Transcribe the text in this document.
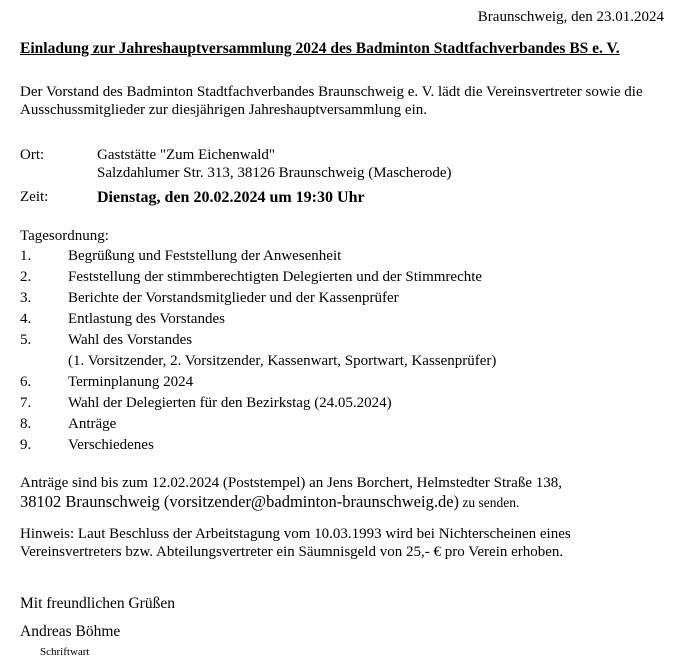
Braunschweig, den 23.01.2024
Einladung zur Jahreshauptversammlung 2024 des Badminton Stadtfachverbandes BS e. V.
Der Vorstand des Badminton Stadtfachverbandes Braunschweig e. V. lädt die Vereinsvertreter sowie die
Ausschussmitglieder zur diesjährigen Jahreshauptversammlung ein.
Ort:	Gaststätte "Zum Eichenwald"
Salzdahlumer Str. 313, 38126 Braunschweig (Mascherode)
Zeit:	Dienstag, den 20.02.2024 um 19:30 Uhr
Tagesordnung:
1.	Begrüßung und Feststellung der Anwesenheit
2.	Feststellung der stimmberechtigten Delegierten und der Stimmrechte
3.	Berichte der Vorstandsmitglieder und der Kassenprüfer
4.	Entlastung des Vorstandes
5.	Wahl des Vorstandes
(1. Vorsitzender, 2. Vorsitzender, Kassenwart, Sportwart, Kassenprüfer)
6.	Terminplanung 2024
7.	Wahl der Delegierten für den Bezirkstag (24.05.2024)
8.	Anträge
9.	Verschiedenes
Anträge sind bis zum 12.02.2024 (Poststempel) an Jens Borchert, Helmstedter Straße 138,
38102 Braunschweig (vorsitzender@badminton-braunschweig.de) zu senden.
Hinweis: Laut Beschluss der Arbeitstagung vom 10.03.1993 wird bei Nichterscheinen eines
Vereinsvertreters bzw. Abteilungsvertreter ein Säumnisgeld von 25,- € pro Verein erhoben.
Mit freundlichen Grüßen
Andreas Böhme
Schriftwart
